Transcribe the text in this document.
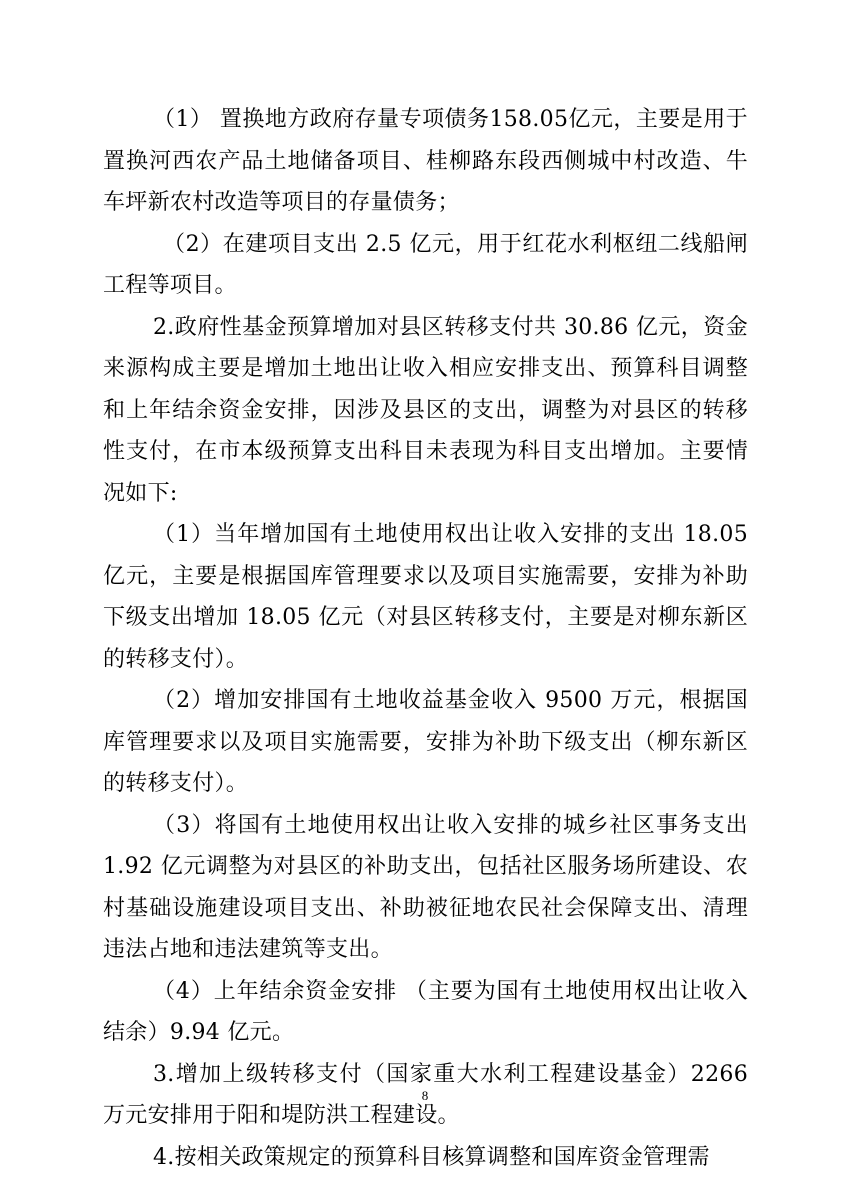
（1） 置换地方政府存量专项债务158.05亿元，主要是用于置换河西农产品土地储备项目、桂柳路东段西侧城中村改造、牛车坪新农村改造等项目的存量债务；

（2）在建项目支出 2.5 亿元，用于红花水利枢纽二线船闸工程等项目。

2.政府性基金预算增加对县区转移支付共 30.86 亿元，资金来源构成主要是增加土地出让收入相应安排支出、预算科目调整和上年结余资金安排，因涉及县区的支出，调整为对县区的转移性支付，在市本级预算支出科目未表现为科目支出增加。主要情况如下:

（1）当年增加国有土地使用权出让收入安排的支出 18.05 亿元，主要是根据国库管理要求以及项目实施需要，安排为补助下级支出增加 18.05 亿元（对县区转移支付，主要是对柳东新区的转移支付）。

（2）增加安排国有土地收益基金收入 9500 万元，根据国库管理要求以及项目实施需要，安排为补助下级支出（柳东新区的转移支付）。

（3）将国有土地使用权出让收入安排的城乡社区事务支出 1.92 亿元调整为对县区的补助支出，包括社区服务场所建设、农村基础设施建设项目支出、补助被征地农民社会保障支出、清理违法占地和违法建筑等支出。

（4）上年结余资金安排 （主要为国有土地使用权出让收入结余）9.94 亿元。

3.增加上级转移支付（国家重大水利工程建设基金）2266 万元安排用于阳和堤防洪工程建设。

4.按相关政策规定的预算科目核算调整和国库资金管理需

8
